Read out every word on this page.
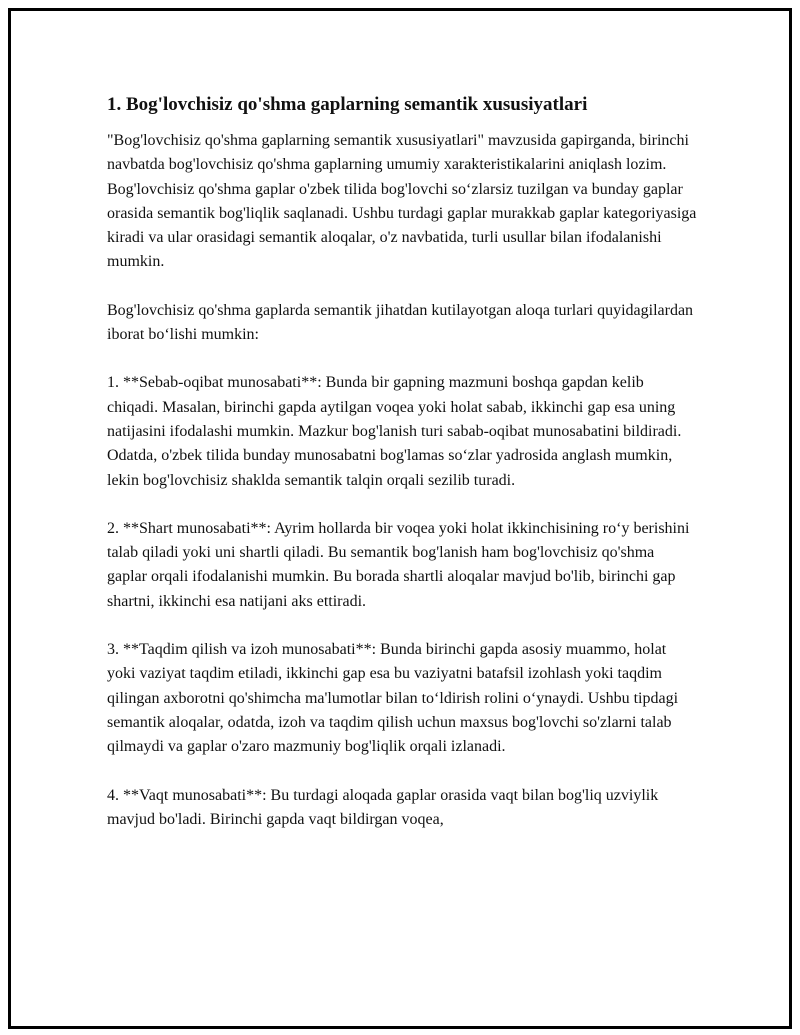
1. Bog'lovchisiz qo'shma gaplarning semantik xususiyatlari

"Bog'lovchisiz qo'shma gaplarning semantik xususiyatlari" mavzusida gapirganda, birinchi navbatda bog'lovchisiz qo'shma gaplarning umumiy xarakteristikalarini aniqlash lozim. Bog'lovchisiz qo'shma gaplar o'zbek tilida bog'lovchi so‘zlarsiz tuzilgan va bunday gaplar orasida semantik bog'liqlik saqlanadi. Ushbu turdagi gaplar murakkab gaplar kategoriyasiga kiradi va ular orasidagi semantik aloqalar, o'z navbatida, turli usullar bilan ifodalanishi mumkin.

Bog'lovchisiz qo'shma gaplarda semantik jihatdan kutilayotgan aloqa turlari quyidagilardan iborat bo‘lishi mumkin:

1. **Sebab-oqibat munosabati**: Bunda bir gapning mazmuni boshqa gapdan kelib chiqadi. Masalan, birinchi gapda aytilgan voqea yoki holat sabab, ikkinchi gap esa uning natijasini ifodalashi mumkin. Mazkur bog'lanish turi sabab-oqibat munosabatini bildiradi. Odatda, o'zbek tilida bunday munosabatni bog'lamas so‘zlar yadrosida anglash mumkin, lekin bog'lovchisiz shaklda semantik talqin orqali sezilib turadi.

2. **Shart munosabati**: Ayrim hollarda bir voqea yoki holat ikkinchisining ro‘y berishini talab qiladi yoki uni shartli qiladi. Bu semantik bog'lanish ham bog'lovchisiz qo'shma gaplar orqali ifodalanishi mumkin. Bu borada shartli aloqalar mavjud bo'lib, birinchi gap shartni, ikkinchi esa natijani aks ettiradi.

3. **Taqdim qilish va izoh munosabati**: Bunda birinchi gapda asosiy muammo, holat yoki vaziyat taqdim etiladi, ikkinchi gap esa bu vaziyatni batafsil izohlash yoki taqdim qilingan axborotni qo'shimcha ma'lumotlar bilan to‘ldirish rolini o‘ynaydi. Ushbu tipdagi semantik aloqalar, odatda, izoh va taqdim qilish uchun maxsus bog'lovchi so'zlarni talab qilmaydi va gaplar o'zaro mazmuniy bog'liqlik orqali izlanadi.

4. **Vaqt munosabati**: Bu turdagi aloqada gaplar orasida vaqt bilan bog'liq uzviylik mavjud bo'ladi. Birinchi gapda vaqt bildirgan voqea,
